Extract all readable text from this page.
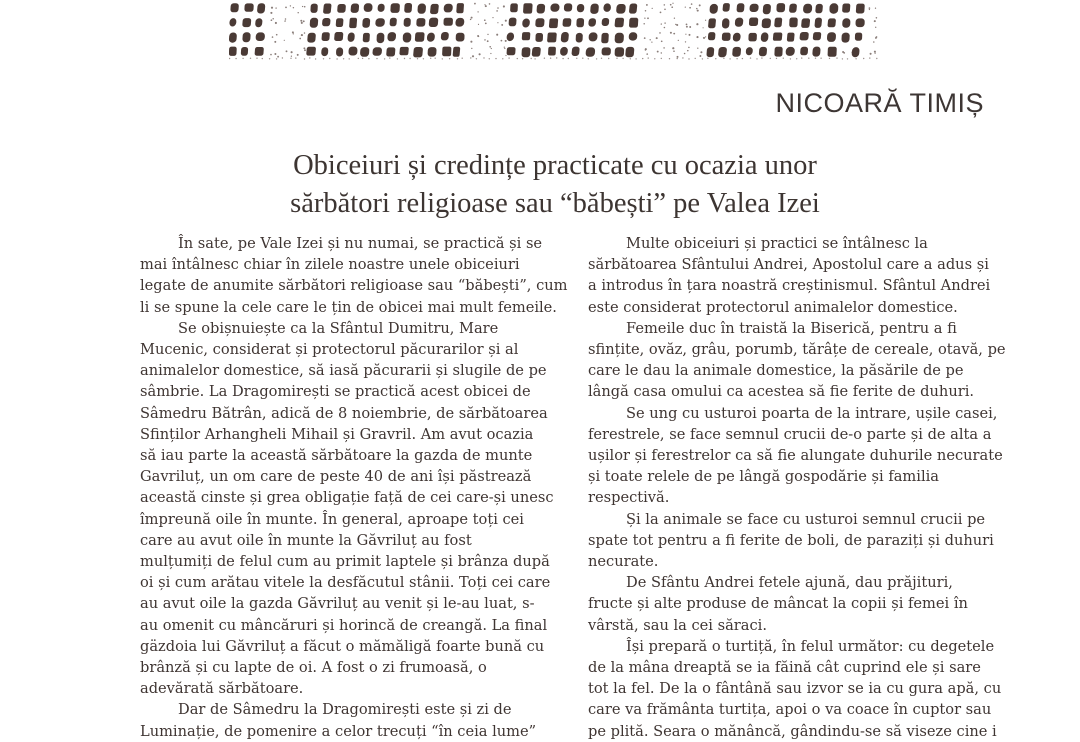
NICOARĂ TIMIȘ
Obiceiuri și credințe practicate cu ocazia unor
sărbători religioase sau “băbești” pe Valea Izei
În sate, pe Vale Izei și nu numai, se practică și se
mai întâlnesc chiar în zilele noastre unele obiceiuri
legate de anumite sărbători religioase sau “băbești”, cum
li se spune la cele care le țin de obicei mai mult femeile.
Se obișnuiește ca la Sfântul Dumitru, Mare
Mucenic, considerat și protectorul păcurarilor și al
animalelor domestice, să iasă păcurarii și slugile de pe
sâmbrie. La Dragomirești se practică acest obicei de
Sâmedru Bătrân, adică de 8 noiembrie, de sărbătoarea
Sfinților Arhangheli Mihail și Gravril. Am avut ocazia
să iau parte la această sărbătoare la gazda de munte
Gavriluț, un om care de peste 40 de ani își păstrează
această cinste și grea obligație față de cei care-și unesc
împreună oile în munte. În general, aproape toți cei
care au avut oile în munte la Găvriluț au fost
mulțumiți de felul cum au primit laptele și brânza după
oi și cum arătau vitele la desfăcutul stânii. Toți cei care
au avut oile la gazda Găvriluț au venit și le-au luat, s-
au omenit cu mâncăruri și horincă de creangă. La final
gäzdoia lui Găvriluț a făcut o mămăligă foarte bună cu
brânză și cu lapte de oi. A fost o zi frumoasă, o
adevărată sărbătoare.
Dar de Sâmedru la Dragomirești este și zi de
Luminație, de pomenire a celor trecuți “în ceia lume”
Multe obiceiuri și practici se întâlnesc la
sărbătoarea Sfântului Andrei, Apostolul care a adus și
a introdus în țara noastră creștinismul. Sfântul Andrei
este considerat protectorul animalelor domestice.
Femeile duc în traistă la Biserică, pentru a fi
sfințite, ovăz, grâu, porumb, tărâțe de cereale, otavă, pe
care le dau la animale domestice, la păsările de pe
lângă casa omului ca acestea să fie ferite de duhuri.
Se ung cu usturoi poarta de la intrare, ușile casei,
ferestrele, se face semnul crucii de-o parte și de alta a
ușilor și ferestrelor ca să fie alungate duhurile necurate
și toate relele de pe lângă gospodărie și familia
respectivă.
Și la animale se face cu usturoi semnul crucii pe
spate tot pentru a fi ferite de boli, de paraziți și duhuri
necurate.
De Sfântu Andrei fetele ajună, dau prăjituri,
fructe și alte produse de mâncat la copii și femei în
vârstă, sau la cei săraci.
Își prepară o turtiță, în felul următor: cu degetele
de la mâna dreaptă se ia făină cât cuprind ele și sare
tot la fel. De la o fântână sau izvor se ia cu gura apă, cu
care va frământa turtița, apoi o va coace în cuptor sau
pe plită. Seara o mănâncă, gândindu-se să viseze cine i
